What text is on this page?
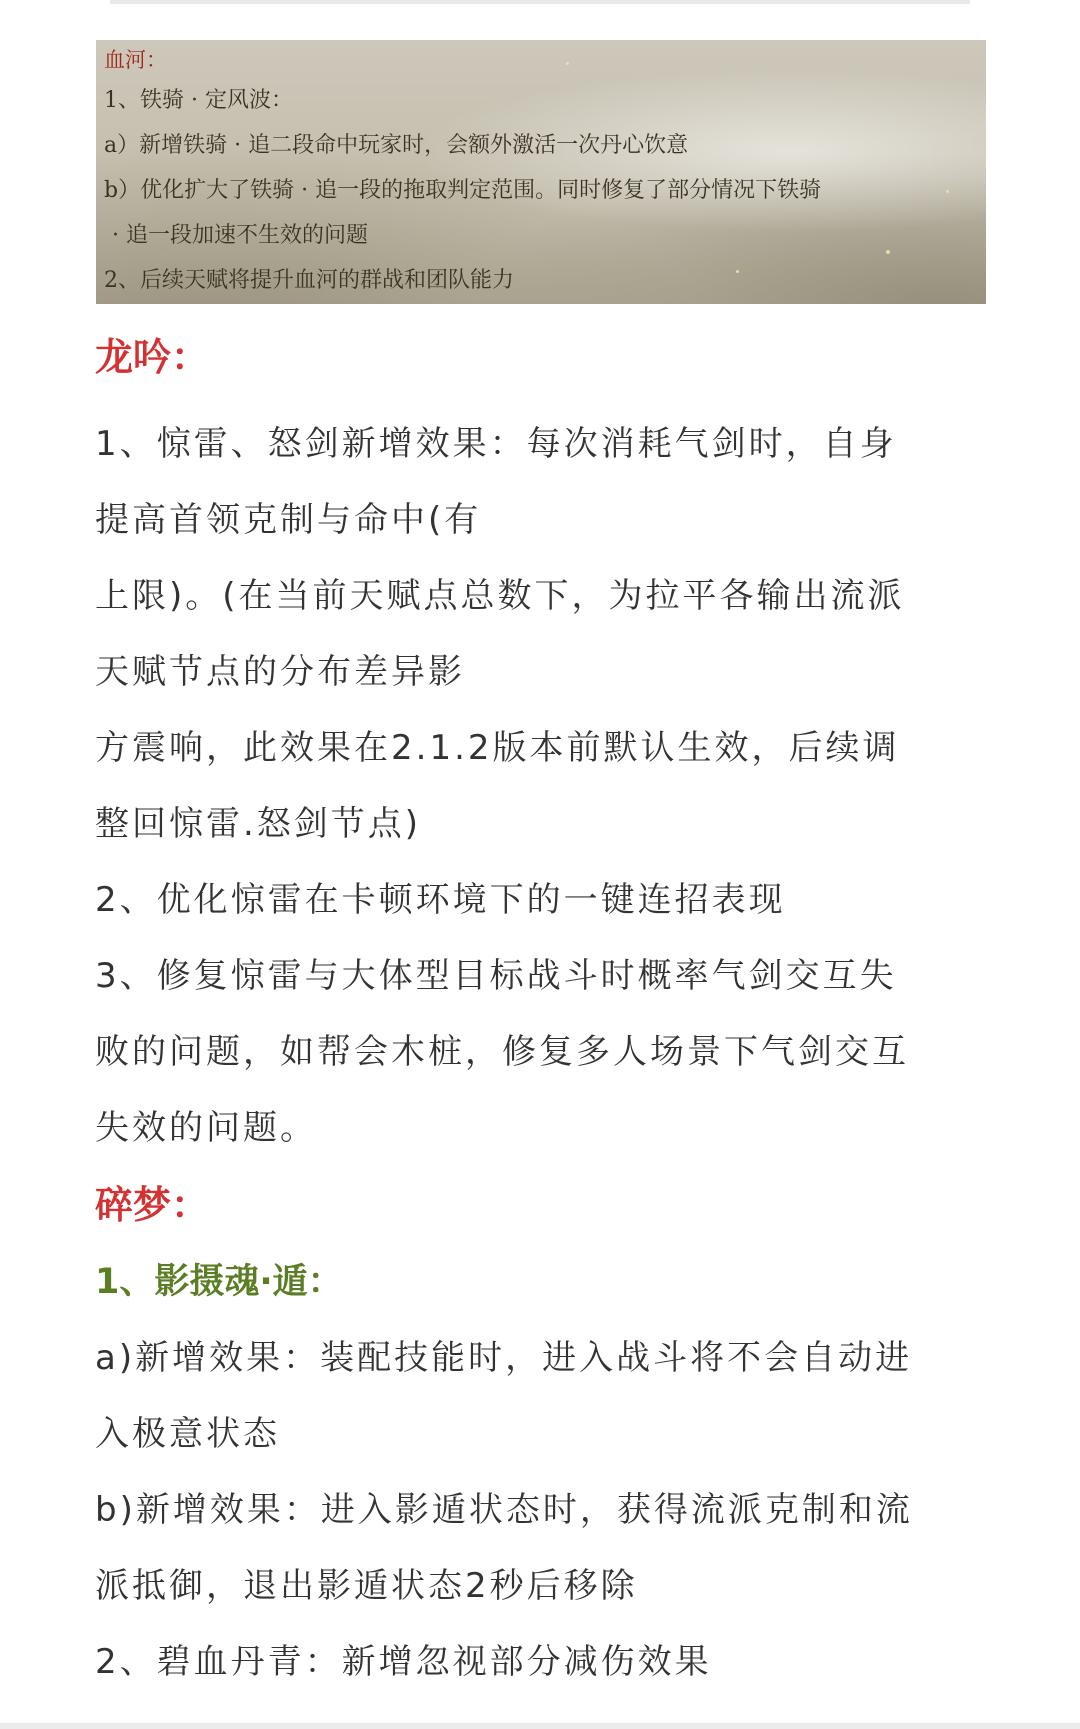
血河：
1、铁骑 · 定风波：
a）新增铁骑 · 追二段命中玩家时，会额外激活一次丹心饮意
b）优化扩大了铁骑 · 追一段的拖取判定范围。同时修复了部分情况下铁骑
· 追一段加速不生效的问题
2、后续天赋将提升血河的群战和团队能力
龙吟：

1、惊雷、怒剑新增效果：每次消耗气剑时，自身

提高首领克制与命中(有

上限)。(在当前天赋点总数下，为拉平各输出流派

天赋节点的分布差异影

方震响，此效果在2.1.2版本前默认生效，后续调

整回惊雷.怒剑节点)

2、优化惊雷在卡顿环境下的一键连招表现

3、修复惊雷与大体型目标战斗时概率气剑交互失

败的问题，如帮会木桩，修复多人场景下气剑交互

失效的问题。

碎梦：
1、影摄魂·遁：

a)新增效果：装配技能时，进入战斗将不会自动进

入极意状态

b)新增效果：进入影遁状态时，获得流派克制和流

派抵御，退出影遁状态2秒后移除

2、碧血丹青：新增忽视部分减伤效果
